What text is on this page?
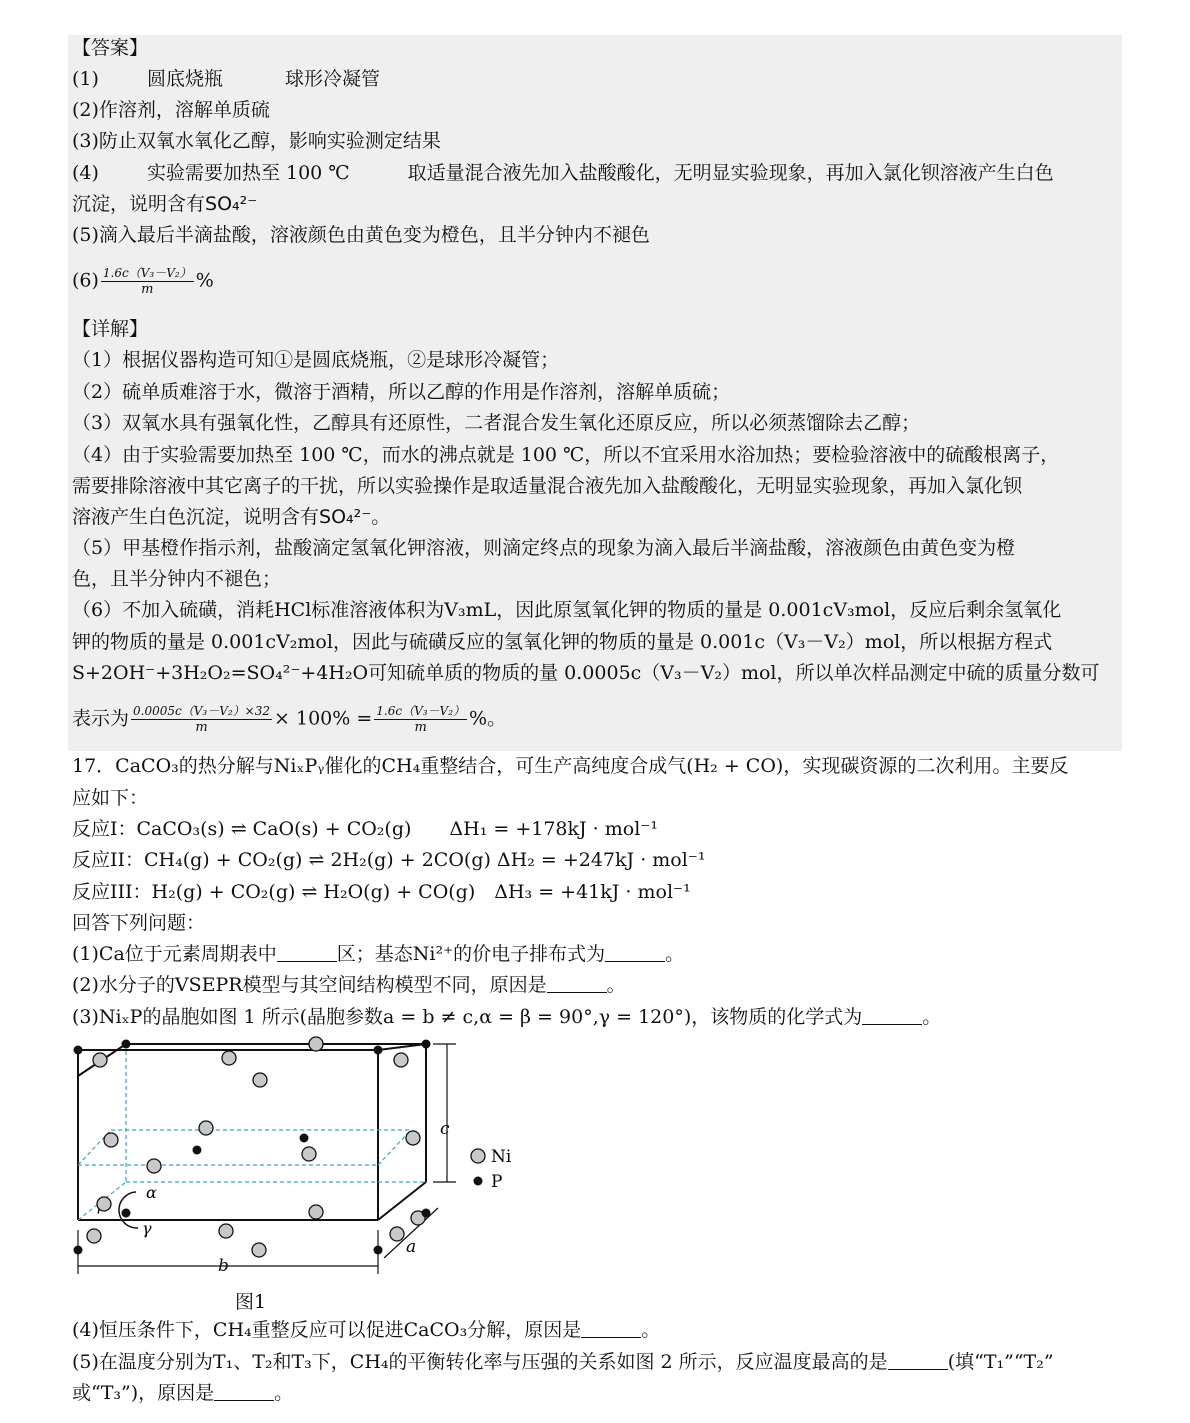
【答案】
(1)	圆底烧瓶	球形冷凝管
(2)作溶剂，溶解单质硫
(3)防止双氧水氧化乙醇，影响实验测定结果
(4)	实验需要加热至 100 ℃	取适量混合液先加入盐酸酸化，无明显实验现象，再加入氯化钡溶液产生白色
沉淀，说明含有SO₄²⁻
(5)滴入最后半滴盐酸，溶液颜色由黄色变为橙色，且半分钟内不褪色
$(6) \frac{\text{1.6c（V₃－V₂）}}{m}$ %
【详解】
（1）根据仪器构造可知①是圆底烧瓶，②是球形冷凝管；
（2）硫单质难溶于水，微溶于酒精，所以乙醇的作用是作溶剂，溶解单质硫；
（3）双氧水具有强氧化性，乙醇具有还原性，二者混合发生氧化还原反应，所以必须蒸馏除去乙醇；
（4）由于实验需要加热至 100 ℃，而水的沸点就是 100 ℃，所以不宜采用水浴加热；要检验溶液中的硫酸根离子，
需要排除溶液中其它离子的干扰，所以实验操作是取适量混合液先加入盐酸酸化，无明显实验现象，再加入氯化钡
溶液产生白色沉淀，说明含有SO₄²⁻。
（5）甲基橙作指示剂，盐酸滴定氢氧化钾溶液，则滴定终点的现象为滴入最后半滴盐酸，溶液颜色由黄色变为橙
色，且半分钟内不褪色；
（6）不加入硫磺，消耗HCl标准溶液体积为V₃mL，因此原氢氧化钾的物质的量是 0.001cV₃mol，反应后剩余氢氧化
钾的物质的量是 0.001cV₂mol，因此与硫磺反应的氢氧化钾的物质的量是 0.001c（V₃－V₂）mol，所以根据方程式
S+2OH⁻+3H₂O₂=SO₄²⁻+4H₂O可知硫单质的物质的量 0.0005c（V₃－V₂）mol，所以单次样品测定中硫的质量分数可
表示为 $\frac{\text{0.0005c（V₃－V₂）×32}}{m} \times 100\% = \frac{\text{1.6c（V₃－V₂）}}{m}$ %。
17．CaCO₃的热分解与NiₓPᵧ催化的CH₄重整结合，可生产高纯度合成气(H₂ + CO)，实现碳资源的二次利用。主要反
应如下：
反应I：CaCO₃(s) ⇌ CaO(s) + CO₂(g)　　ΔH₁ = +178kJ · mol⁻¹
反应II：CH₄(g) + CO₂(g) ⇌ 2H₂(g) + 2CO(g) ΔH₂ = +247kJ · mol⁻¹
反应III：H₂(g) + CO₂(g) ⇌ H₂O(g) + CO(g)　ΔH₃ = +41kJ · mol⁻¹
回答下列问题：
(1)Ca位于元素周期表中	区；基态Ni²⁺的价电子排布式为	。
(2)水分子的VSEPR模型与其空间结构模型不同，原因是	。
(3)NiₓP的晶胞如图 1 所示(晶胞参数a = b ≠ c,α = β = 90°,γ = 120°)，该物质的化学式为	。
c
a
b
α
γ
Ni
P
图1
(4)恒压条件下，CH₄重整反应可以促进CaCO₃分解，原因是	。
(5)在温度分别为T₁、T₂和T₃下，CH₄的平衡转化率与压强的关系如图 2 所示，反应温度最高的是	(填“T₁”“T₂”
或“T₃”)，原因是	。
